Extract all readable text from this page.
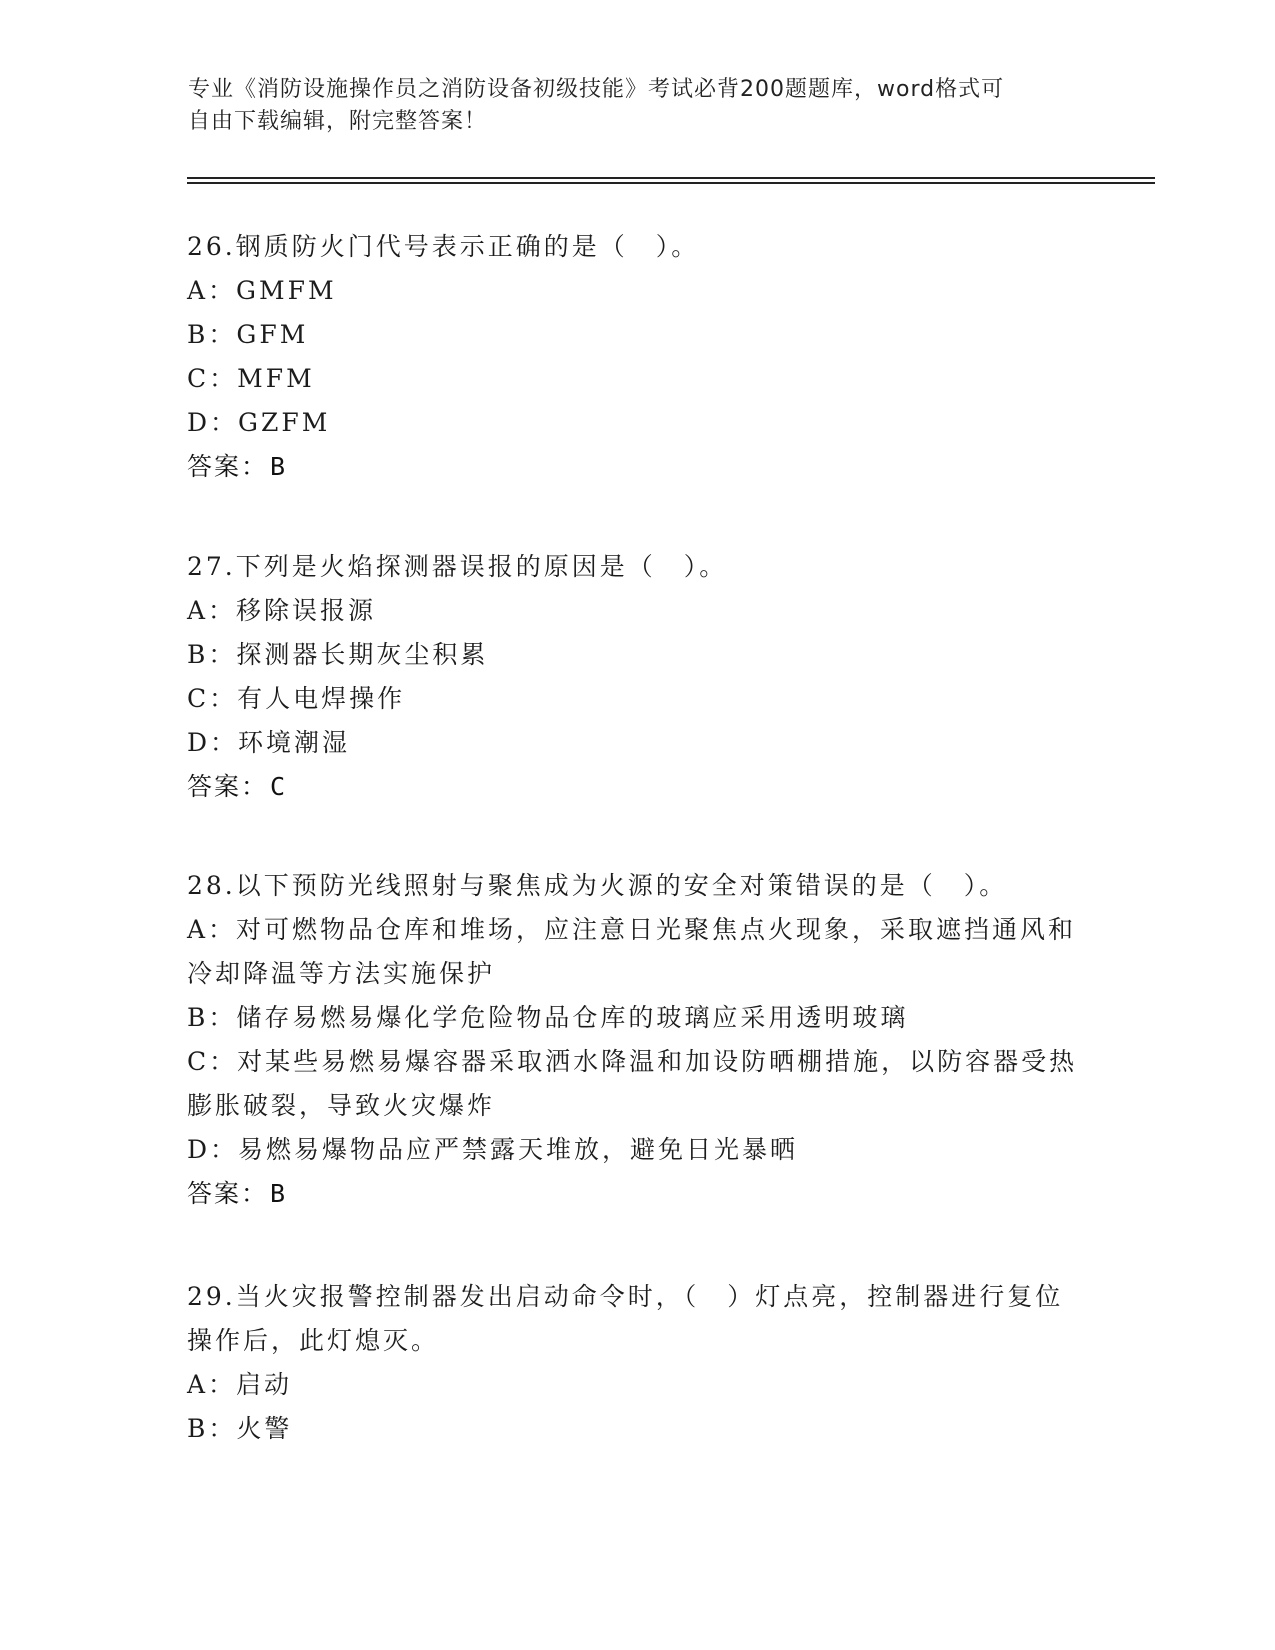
专业《消防设施操作员之消防设备初级技能》考试必背200题题库，word格式可
自由下载编辑，附完整答案！

26.钢质防火门代号表示正确的是（　）。

A：GMFM

B：GFM

C：MFM

D：GZFM

答案：B

27.下列是火焰探测器误报的原因是（　）。

A：移除误报源

B：探测器长期灰尘积累

C：有人电焊操作

D：环境潮湿

答案：C

28.以下预防光线照射与聚焦成为火源的安全对策错误的是（　）。

A：对可燃物品仓库和堆场，应注意日光聚焦点火现象，采取遮挡通风和冷却降温等方法实施保护

B：储存易燃易爆化学危险物品仓库的玻璃应采用透明玻璃

C：对某些易燃易爆容器采取洒水降温和加设防晒棚措施，以防容器受热膨胀破裂，导致火灾爆炸

D：易燃易爆物品应严禁露天堆放，避免日光暴晒

答案：B

29.当火灾报警控制器发出启动命令时，（　）灯点亮，控制器进行复位操作后，此灯熄灭。

A：启动

B：火警
